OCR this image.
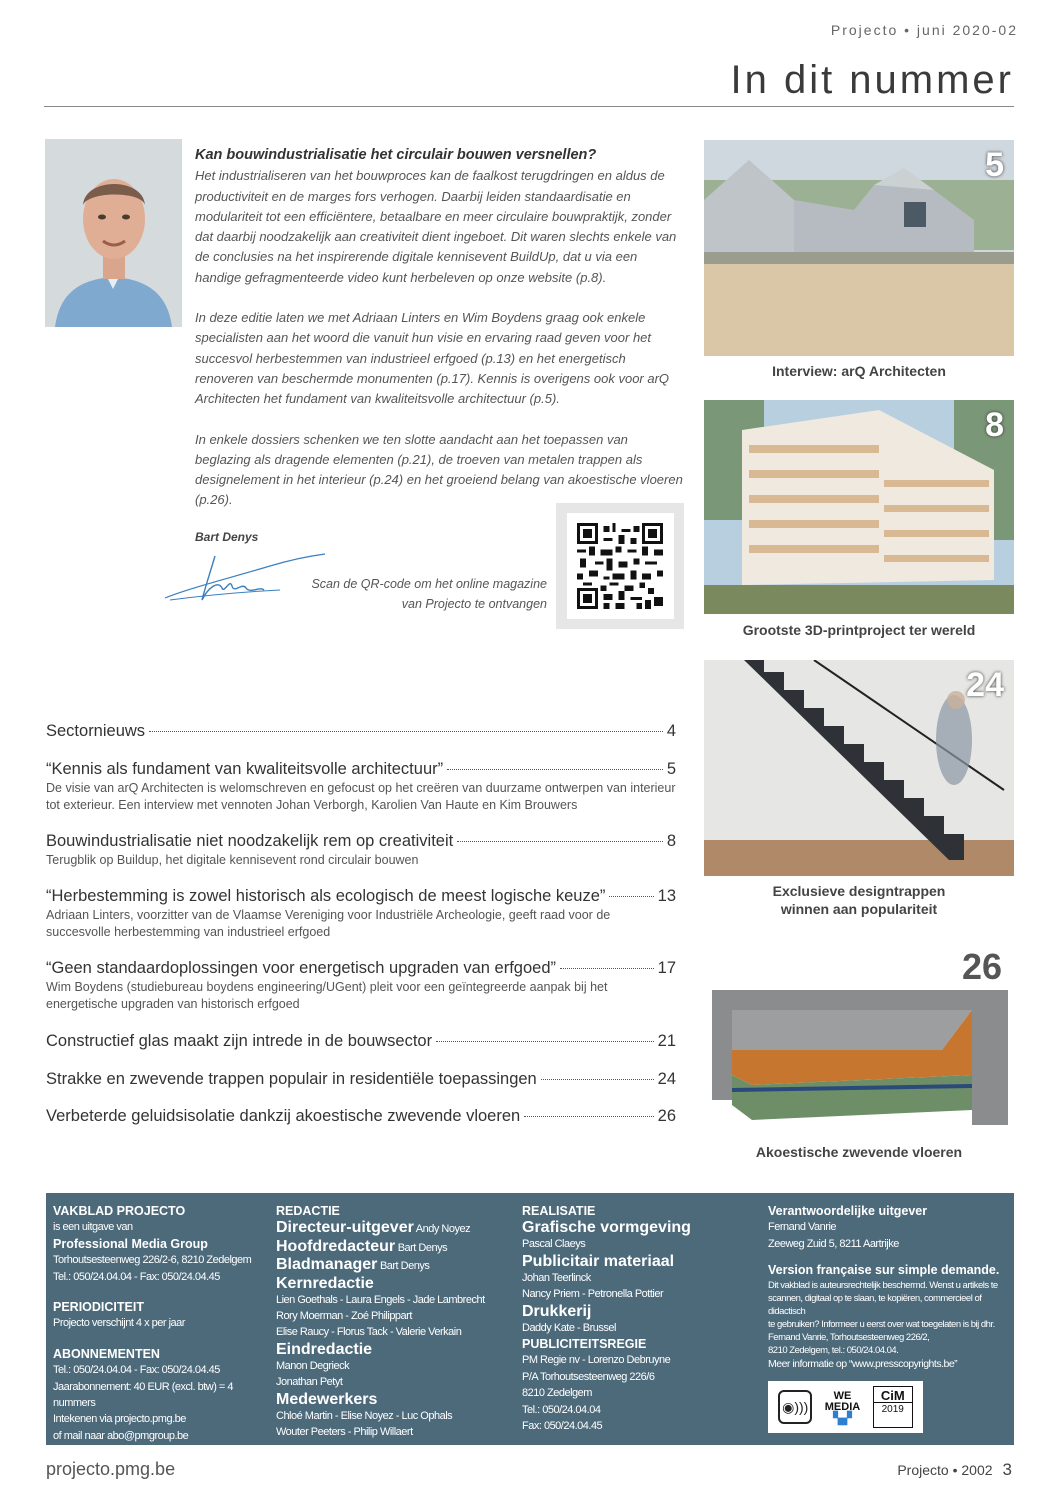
Projecto • juni 2020-02
In dit nummer
Kan bouwindustrialisatie het circulair bouwen versnellen?

Het industrialiseren van het bouwproces kan de faalkost terugdringen en aldus de productiviteit en de marges fors verhogen. Daarbij leiden standaardisatie en modulariteit tot een efficiëntere, betaalbare en meer circulaire bouwpraktijk, zonder dat daarbij noodzakelijk aan creativiteit dient ingeboet. Dit waren slechts enkele van de conclusies na het inspirerende digitale kennisevent BuildUp, dat u via een handige gefragmenteerde video kunt herbeleven op onze website (p.8).

In deze editie laten we met Adriaan Linters en Wim Boydens graag ook enkele specialisten aan het woord die vanuit hun visie en ervaring raad geven voor het succesvol herbestemmen van industrieel erfgoed (p.13) en het energetisch renoveren van beschermde monumenten (p.17). Kennis is overigens ook voor arQ Architecten het fundament van kwaliteitsvolle architectuur (p.5).

In enkele dossiers schenken we ten slotte aandacht aan het toepassen van beglazing als dragende elementen (p.21), de troeven van metalen trappen als designelement in het interieur (p.24) en het groeiend belang van akoestische vloeren (p.26).

Bart Denys
Scan de QR-code om het online magazine van Projecto te ontvangen
5
Interview: arQ Architecten
8
Grootste 3D-printproject ter wereld
24
Exclusieve designtrappen
winnen aan populariteit
26
Akoestische zwevende vloeren
Sectornieuws	4
“Kennis als fundament van kwaliteitsvolle architectuur”	5
De visie van arQ Architecten is welomschreven en gefocust op het creëren van duurzame ontwerpen van interieur tot exterieur. Een interview met vennoten Johan Verborgh, Karolien Van Haute en Kim Brouwers
Bouwindustrialisatie niet noodzakelijk rem op creativiteit	8
Terugblik op Buildup, het digitale kennisevent rond circulair bouwen
“Herbestemming is zowel historisch als ecologisch de meest logische keuze”	13
Adriaan Linters, voorzitter van de Vlaamse Vereniging voor Industriële Archeologie, geeft raad voor de succesvolle herbestemming van industrieel erfgoed
“Geen standaardoplossingen voor energetisch upgraden van erfgoed”	17
Wim Boydens (studiebureau boydens engineering/UGent) pleit voor een geïntegreerde aanpak bij het energetische upgraden van historisch erfgoed
Constructief glas maakt zijn intrede in de bouwsector	21
Strakke en zwevende trappen populair in residentiële toepassingen	24
Verbeterde geluidsisolatie dankzij akoestische zwevende vloeren	26
VAKBLAD PROJECTO
is een uitgave van
Professional Media Group
Torhoutsesteenweg 226/2-6, 8210 Zedelgem
Tel.: 050/24.04.04 - Fax: 050/24.04.45
PERIODICITEIT
Projecto verschijnt 4 x per jaar
ABONNEMENTEN
Tel.: 050/24.04.04 - Fax: 050/24.04.45
Jaarabonnement: 40 EUR (excl. btw) = 4 nummers
Intekenen via projecto.pmg.be
of mail naar abo@pmgroup.be
REDACTIE
Directeur-uitgever Andy Noyez
Hoofdredacteur Bart Denys
Bladmanager Bart Denys
Kernredactie
Lien Goethals - Laura Engels - Jade Lambrecht
Rory Moerman - Zoé Philippart
Elise Raucy - Florus Tack - Valerie Verkain
Eindredactie
Manon Degrieck
Jonathan Petyt
Medewerkers
Chloé Martin - Elise Noyez - Luc Ophals
Wouter Peeters - Philip Willaert
REALISATIE
Grafische vormgeving
Pascal Claeys
Publicitair materiaal
Johan Teerlinck
Nancy Priem - Petronella Pottier
Drukkerij
Daddy Kate - Brussel
PUBLICITEITSREGIE
PM Regie nv - Lorenzo Debruyne
P/A Torhoutsesteenweg 226/6
8210 Zedelgem
Tel.: 050/24.04.04
Fax: 050/24.04.45
Verantwoordelijke uitgever
Fernand Vanrie
Zeeweg Zuid 5, 8211 Aartrijke
Version française sur simple demande.
Dit vakblad is auteursrechtelijk beschermd. Wenst u artikels te
scannen, digitaal op te slaan, te kopiëren, commercieel of didactisch
te gebruiken? Informeer u eerst over wat toegelaten is bij dhr.
Fernand Vanrie, Torhoutsesteenweg 226/2,
8210 Zedelgem, tel.: 050/24.04.04.
Meer informatie op “www.presscopyrights.be”
◉)))
WE
MEDIA
▚▞
CiM
2019
projecto.pmg.be	Projecto • 2002 3
